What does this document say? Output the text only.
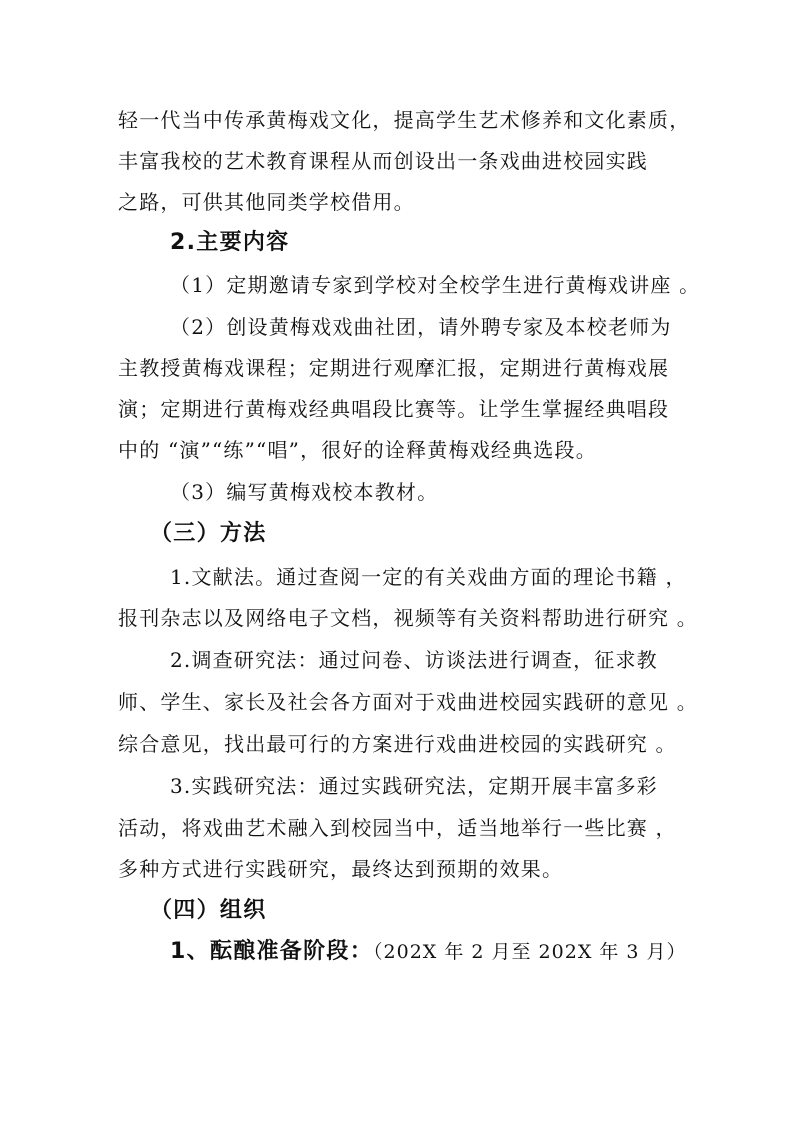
轻一代当中传承黄梅戏文化，提高学生艺术修养和文化素质，
丰富我校的艺术教育课程从而创设出一条戏曲进校园实践
之路，可供其他同类学校借用。
2.主要内容
（1）定期邀请专家到学校对全校学生进行黄梅戏讲座 。
（2）创设黄梅戏戏曲社团，请外聘专家及本校老师为
主教授黄梅戏课程；定期进行观摩汇报，定期进行黄梅戏展
演；定期进行黄梅戏经典唱段比赛等。让学生掌握经典唱段
中的 “演”“练”“唱”，很好的诠释黄梅戏经典选段。
（3）编写黄梅戏校本教材。
（三）方法
1.文献法。通过查阅一定的有关戏曲方面的理论书籍 ，
报刊杂志以及网络电子文档，视频等有关资料帮助进行研究 。
2.调查研究法：通过问卷、访谈法进行调查，征求教
师、学生、家长及社会各方面对于戏曲进校园实践研的意见 。
综合意见，找出最可行的方案进行戏曲进校园的实践研究 。
3.实践研究法：通过实践研究法，定期开展丰富多彩
活动，将戏曲艺术融入到校园当中，适当地举行一些比赛 ，
多种方式进行实践研究，最终达到预期的效果。
（四）组织
1、酝酿准备阶段：（202X 年 2 月至 202X 年 3 月）
